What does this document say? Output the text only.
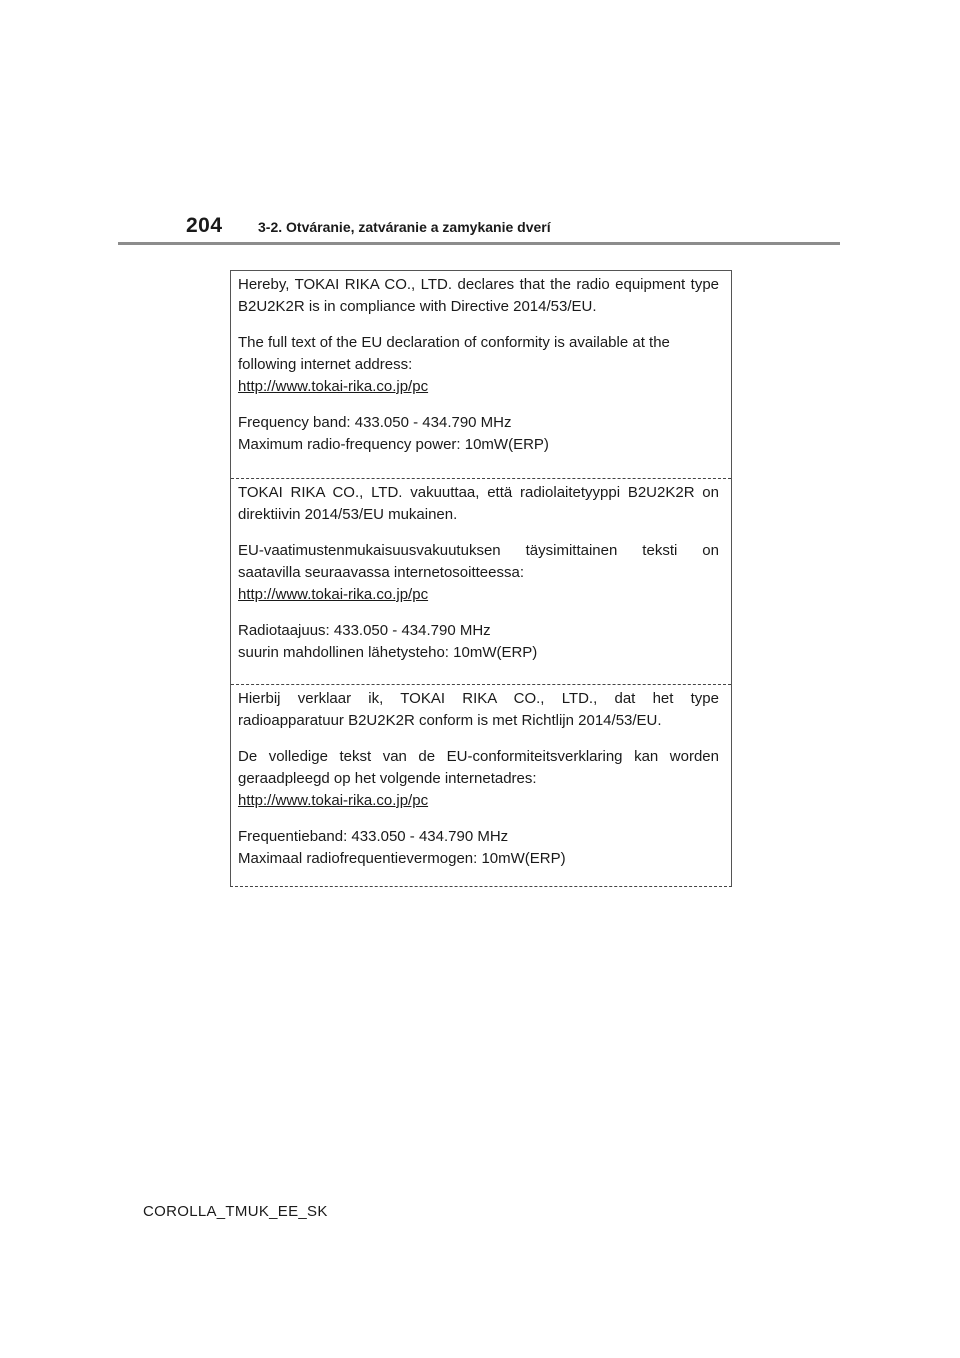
204	3-2. Otváranie, zatváranie a zamykanie dverí

Hereby, TOKAI RIKA CO., LTD. declares that the radio equipment type
B2U2K2R is in compliance with Directive 2014/53/EU.

The full text of the EU declaration of conformity is available at the
following internet address:

http://www.tokai-rika.co.jp/pc

Frequency band: 433.050 - 434.790 MHz
Maximum radio-frequency power: 10mW(ERP)

TOKAI RIKA CO., LTD. vakuuttaa, että radiolaitetyyppi B2U2K2R on
direktiivin 2014/53/EU mukainen.

EU-vaatimustenmukaisuusvakuutuksen täysimittainen teksti on
saatavilla seuraavassa internetosoitteessa:

http://www.tokai-rika.co.jp/pc

Radiotaajuus: 433.050 - 434.790 MHz
suurin mahdollinen lähetysteho: 10mW(ERP)

Hierbij verklaar ik, TOKAI RIKA CO., LTD., dat het type
radioapparatuur B2U2K2R conform is met Richtlijn 2014/53/EU.

De volledige tekst van de EU-conformiteitsverklaring kan worden
geraadpleegd op het volgende internetadres:

http://www.tokai-rika.co.jp/pc

Frequentieband: 433.050 - 434.790 MHz
Maximaal radiofrequentievermogen: 10mW(ERP)

COROLLA_TMUK_EE_SK
